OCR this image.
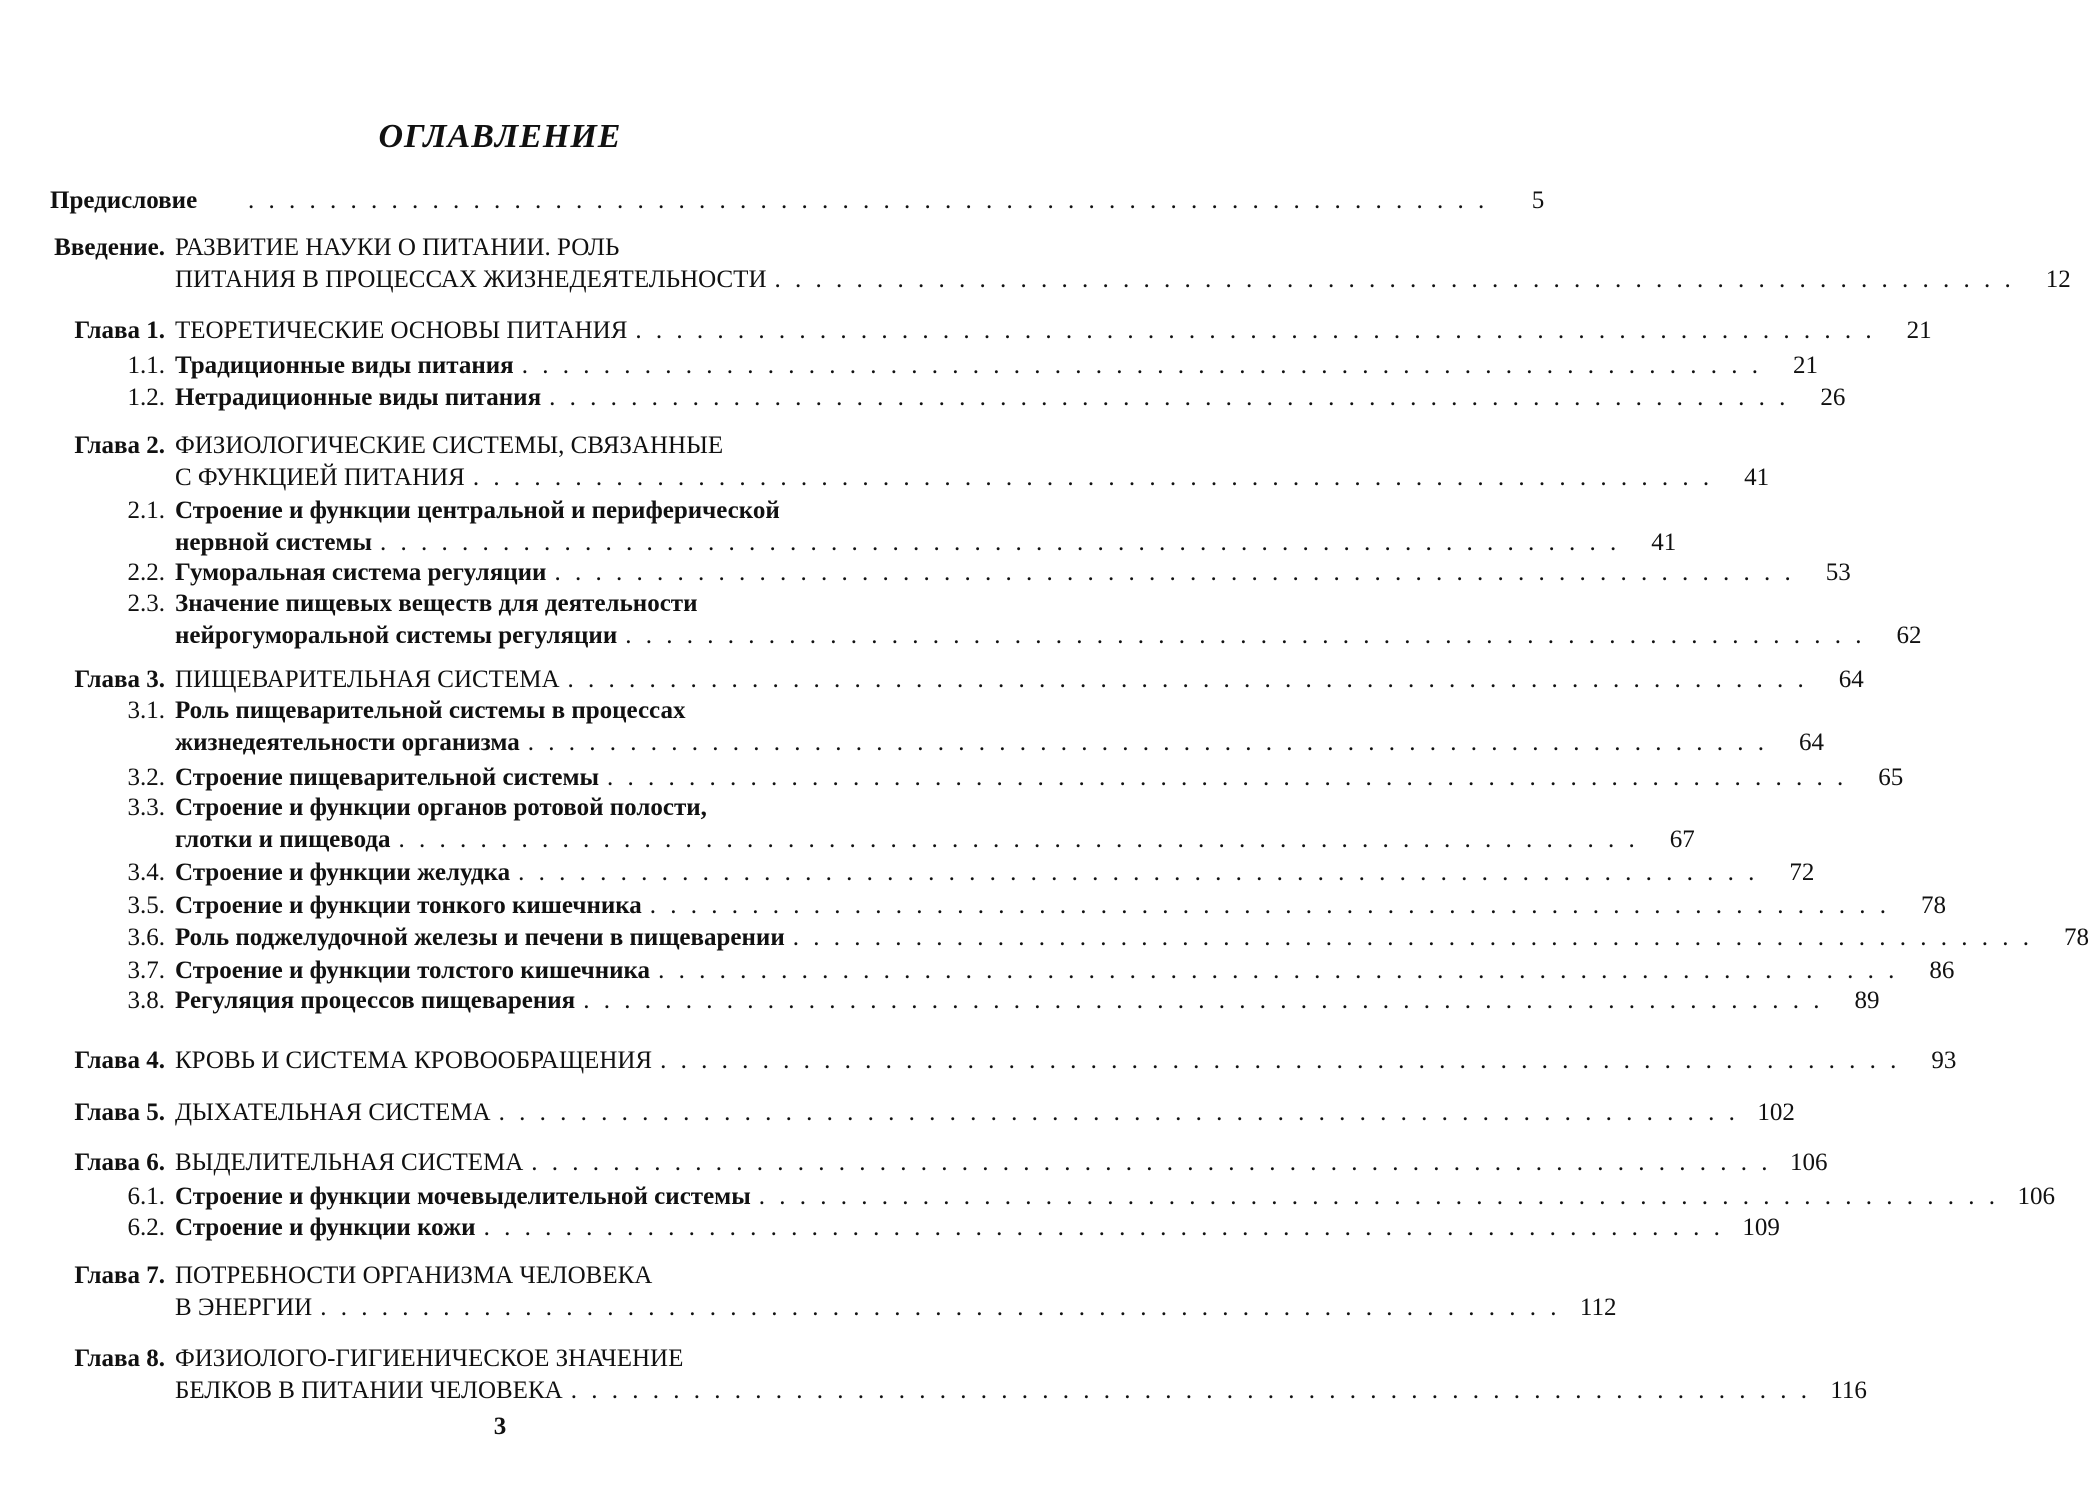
ОГЛАВЛЕНИЕ
Предисловие . . . . . . . . . . . . . . . . . . . . . . . . . . . . . . . . . . . . . . . . . . . . . . . . . . . . . . . . . . . . .	5
Введение. РАЗВИТИЕ НАУКИ О ПИТАНИИ. РОЛЬ
ПИТАНИЯ В ПРОЦЕССАХ ЖИЗНЕДЕЯТЕЛЬНОСТИ . . . . . . . . . . . . . . . . . . . . . . . . . . . . . . . . . . . . . . . . . . . . . . . . . . . . . . . . . . . . .	12
Глава 1. ТЕОРЕТИЧЕСКИЕ ОСНОВЫ ПИТАНИЯ . . . . . . . . . . . . . . . . . . . . . . . . . . . . . . . . . . . . . . . . . . . . . . . . . . . . . . . . . . . . .	21
1.1. Традиционные виды питания . . . . . . . . . . . . . . . . . . . . . . . . . . . . . . . . . . . . . . . . . . . . . . . . . . . . . . . . . . . . .	21
1.2. Нетрадиционные виды питания . . . . . . . . . . . . . . . . . . . . . . . . . . . . . . . . . . . . . . . . . . . . . . . . . . . . . . . . . . . . .	26
Глава 2. ФИЗИОЛОГИЧЕСКИЕ СИСТЕМЫ, СВЯЗАННЫЕ
С ФУНКЦИЕЙ ПИТАНИЯ . . . . . . . . . . . . . . . . . . . . . . . . . . . . . . . . . . . . . . . . . . . . . . . . . . . . . . . . . . . . .	41
2.1. Строение и функции центральной и периферической
нервной системы . . . . . . . . . . . . . . . . . . . . . . . . . . . . . . . . . . . . . . . . . . . . . . . . . . . . . . . . . . . . .	41
2.2. Гуморальная система регуляции . . . . . . . . . . . . . . . . . . . . . . . . . . . . . . . . . . . . . . . . . . . . . . . . . . . . . . . . . . . . .	53
2.3. Значение пищевых веществ для деятельности
нейрогуморальной системы регуляции . . . . . . . . . . . . . . . . . . . . . . . . . . . . . . . . . . . . . . . . . . . . . . . . . . . . . . . . . . . . .	62
Глава 3. ПИЩЕВАРИТЕЛЬНАЯ СИСТЕМА . . . . . . . . . . . . . . . . . . . . . . . . . . . . . . . . . . . . . . . . . . . . . . . . . . . . . . . . . . . . .	64
3.1. Роль пищеварительной системы в процессах
жизнедеятельности организма . . . . . . . . . . . . . . . . . . . . . . . . . . . . . . . . . . . . . . . . . . . . . . . . . . . . . . . . . . . . .	64
3.2. Строение пищеварительной системы . . . . . . . . . . . . . . . . . . . . . . . . . . . . . . . . . . . . . . . . . . . . . . . . . . . . . . . . . . . . .	65
3.3. Строение и функции органов ротовой полости,
глотки и пищевода . . . . . . . . . . . . . . . . . . . . . . . . . . . . . . . . . . . . . . . . . . . . . . . . . . . . . . . . . . . . .	67
3.4. Строение и функции желудка . . . . . . . . . . . . . . . . . . . . . . . . . . . . . . . . . . . . . . . . . . . . . . . . . . . . . . . . . . . . .	72
3.5. Строение и функции тонкого кишечника . . . . . . . . . . . . . . . . . . . . . . . . . . . . . . . . . . . . . . . . . . . . . . . . . . . . . . . . . . . . .	78
3.6. Роль поджелудочной железы и печени в пищеварении . . . . . . . . . . . . . . . . . . . . . . . . . . . . . . . . . . . . . . . . . . . . . . . . . . . . . . . . . . . . .	78
3.7. Строение и функции толстого кишечника . . . . . . . . . . . . . . . . . . . . . . . . . . . . . . . . . . . . . . . . . . . . . . . . . . . . . . . . . . . . .	86
3.8. Регуляция процессов пищеварения . . . . . . . . . . . . . . . . . . . . . . . . . . . . . . . . . . . . . . . . . . . . . . . . . . . . . . . . . . . . .	89
Глава 4. КРОВЬ И СИСТЕМА КРОВООБРАЩЕНИЯ . . . . . . . . . . . . . . . . . . . . . . . . . . . . . . . . . . . . . . . . . . . . . . . . . . . . . . . . . . . . .	93
Глава 5. ДЫХАТЕЛЬНАЯ СИСТЕМА . . . . . . . . . . . . . . . . . . . . . . . . . . . . . . . . . . . . . . . . . . . . . . . . . . . . . . . . . . . . . 102
Глава 6. ВЫДЕЛИТЕЛЬНАЯ СИСТЕМА . . . . . . . . . . . . . . . . . . . . . . . . . . . . . . . . . . . . . . . . . . . . . . . . . . . . . . . . . . . . . 106
6.1. Строение и функции мочевыделительной системы . . . . . . . . . . . . . . . . . . . . . . . . . . . . . . . . . . . . . . . . . . . . . . . . . . . . . . . . . . . . . 106
6.2. Строение и функции кожи . . . . . . . . . . . . . . . . . . . . . . . . . . . . . . . . . . . . . . . . . . . . . . . . . . . . . . . . . . . . . 109
Глава 7. ПОТРЕБНОСТИ ОРГАНИЗМА ЧЕЛОВЕКА
В ЭНЕРГИИ . . . . . . . . . . . . . . . . . . . . . . . . . . . . . . . . . . . . . . . . . . . . . . . . . . . . . . . . . . . . . 112
Глава 8. ФИЗИОЛОГО-ГИГИЕНИЧЕСКОЕ ЗНАЧЕНИЕ
БЕЛКОВ В ПИТАНИИ ЧЕЛОВЕКА . . . . . . . . . . . . . . . . . . . . . . . . . . . . . . . . . . . . . . . . . . . . . . . . . . . . . . . . . . . . . 116
3
